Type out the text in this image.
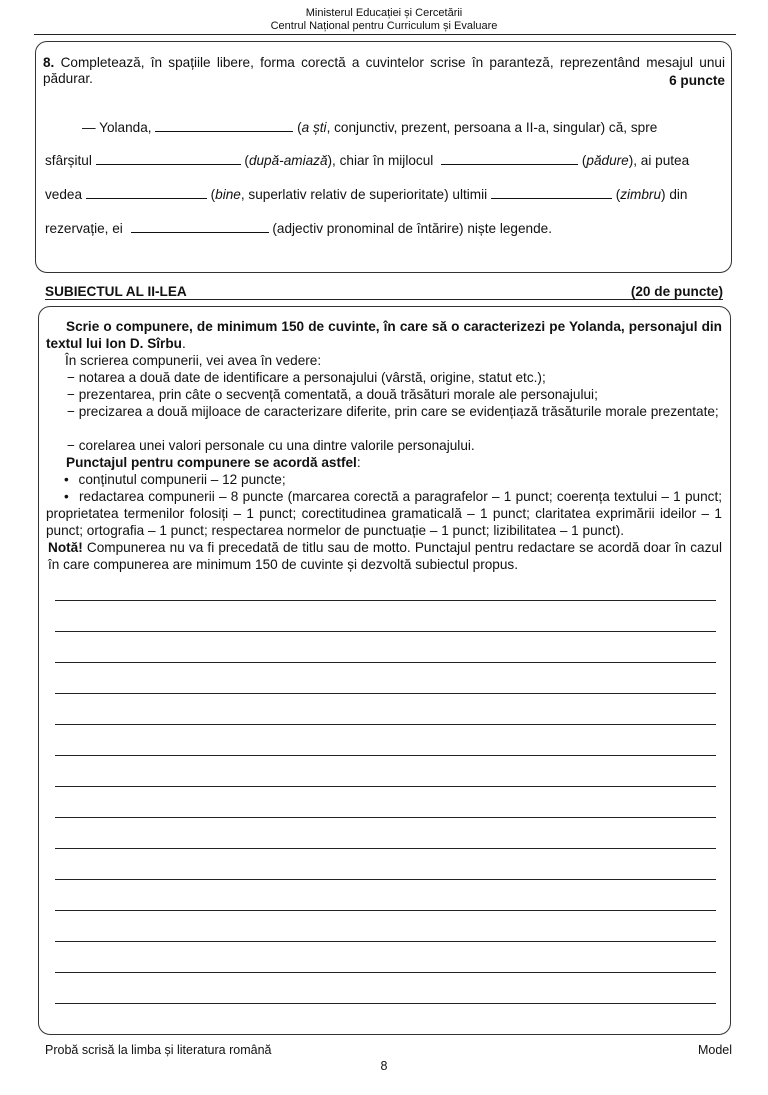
Ministerul Educației și Cercetării
Centrul Național pentru Curriculum și Evaluare
8. Completează, în spațiile libere, forma corectă a cuvintelor scrise în paranteză, reprezentând mesajul unui pădurar.	6 puncte
— Yolanda,	(a ști, conjunctiv, prezent, persoana a II-a, singular) că, spre
sfârșitul	(după-amiază), chiar în mijlocul	(pădure), ai putea
vedea	(bine, superlativ relativ de superioritate) ultimii	(zimbru) din
rezervație, ei	(adjectiv pronominal de întărire) niște legende.
SUBIECTUL AL II-LEA	(20 de puncte)
Scrie o compunere, de minimum 150 de cuvinte, în care să o caracterizezi pe Yolanda, personajul din textul lui Ion D. Sîrbu.
În scrierea compunerii, vei avea în vedere:
− notarea a două date de identificare a personajului (vârstă, origine, statut etc.);
− prezentarea, prin câte o secvență comentată, a două trăsături morale ale personajului;
− precizarea a două mijloace de caracterizare diferite, prin care se evidențiază trăsăturile morale prezentate;
− corelarea unei valori personale cu una dintre valorile personajului.
Punctajul pentru compunere se acordă astfel:
• conținutul compunerii – 12 puncte;
• redactarea compunerii – 8 puncte (marcarea corectă a paragrafelor – 1 punct; coerența textului – 1 punct; proprietatea termenilor folosiți – 1 punct; corectitudinea gramaticală – 1 punct; claritatea exprimării ideilor – 1 punct; ortografia – 1 punct; respectarea normelor de punctuație – 1 punct; lizibilitatea – 1 punct).
Notă! Compunerea nu va fi precedată de titlu sau de motto. Punctajul pentru redactare se acordă doar în cazul în care compunerea are minimum 150 de cuvinte și dezvoltă subiectul propus.
Probă scrisă la limba și literatura română	Model
8
